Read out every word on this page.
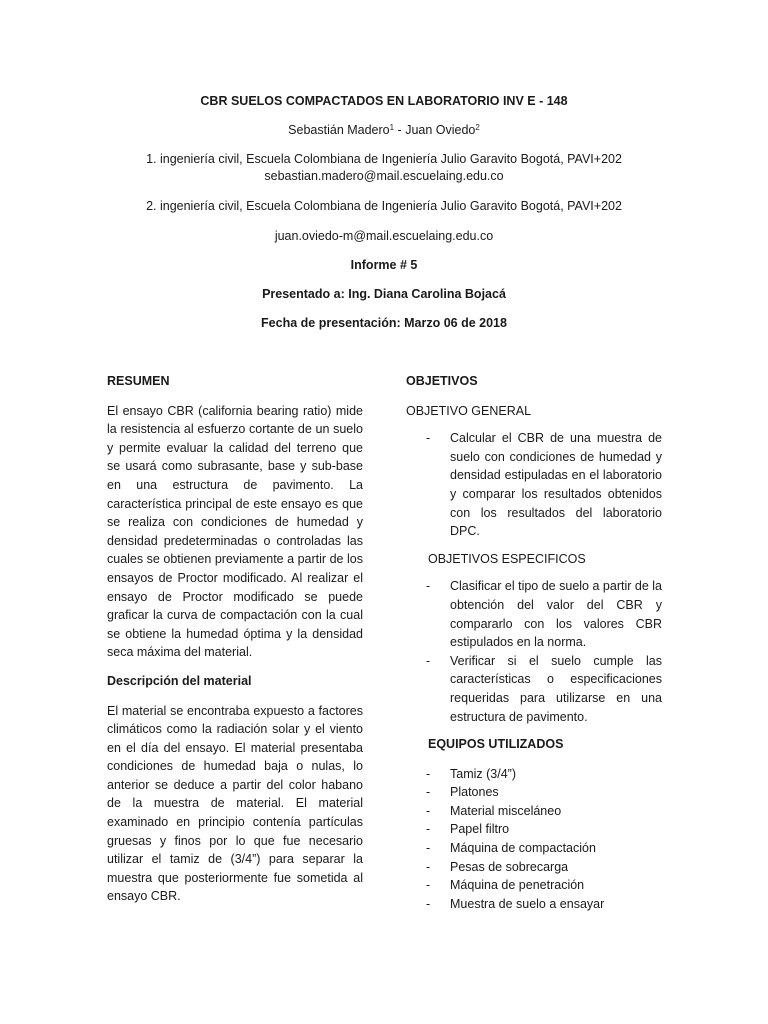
CBR SUELOS COMPACTADOS EN LABORATORIO INV E - 148
Sebastián Madero$^1$ - Juan Oviedo$^2$
1. ingeniería civil, Escuela Colombiana de Ingeniería Julio Garavito Bogotá, PAVI+202
sebastian.madero@mail.escuelaing.edu.co
2. ingeniería civil, Escuela Colombiana de Ingeniería Julio Garavito Bogotá, PAVI+202
juan.oviedo-m@mail.escuelaing.edu.co
Informe # 5
Presentado a: Ing. Diana Carolina Bojacá
Fecha de presentación: Marzo 06 de 2018
RESUMEN

El ensayo CBR (california bearing ratio) mide la resistencia al esfuerzo cortante de un suelo y permite evaluar la calidad del terreno que se usará como subrasante, base y sub-base en una estructura de pavimento. La característica principal de este ensayo es que se realiza con condiciones de humedad y densidad predeterminadas o controladas las cuales se obtienen previamente a partir de los ensayos de Proctor modificado. Al realizar el ensayo de Proctor modificado se puede graficar la curva de compactación con la cual se obtiene la humedad óptima y la densidad seca máxima del material.

Descripción del material

El material se encontraba expuesto a factores climáticos como la radiación solar y el viento en el día del ensayo. El material presentaba condiciones de humedad baja o nulas, lo anterior se deduce a partir del color habano de la muestra de material. El material examinado en principio contenía partículas gruesas y finos por lo que fue necesario utilizar el tamiz de (3/4”) para separar la muestra que posteriormente fue sometida al ensayo CBR.

OBJETIVOS
OBJETIVO GENERAL
- Calcular el CBR de una muestra de suelo con condiciones de humedad y densidad estipuladas en el laboratorio y comparar los resultados obtenidos con los resultados del laboratorio DPC.
OBJETIVOS ESPECIFICOS
- Clasificar el tipo de suelo a partir de la obtención del valor del CBR y compararlo con los valores CBR estipulados en la norma.
- Verificar si el suelo cumple las características o especificaciones requeridas para utilizarse en una estructura de pavimento.
EQUIPOS UTILIZADOS
- Tamiz (3/4”)
- Platones
- Material misceláneo
- Papel filtro
- Máquina de compactación
- Pesas de sobrecarga
- Máquina de penetración
- Muestra de suelo a ensayar
